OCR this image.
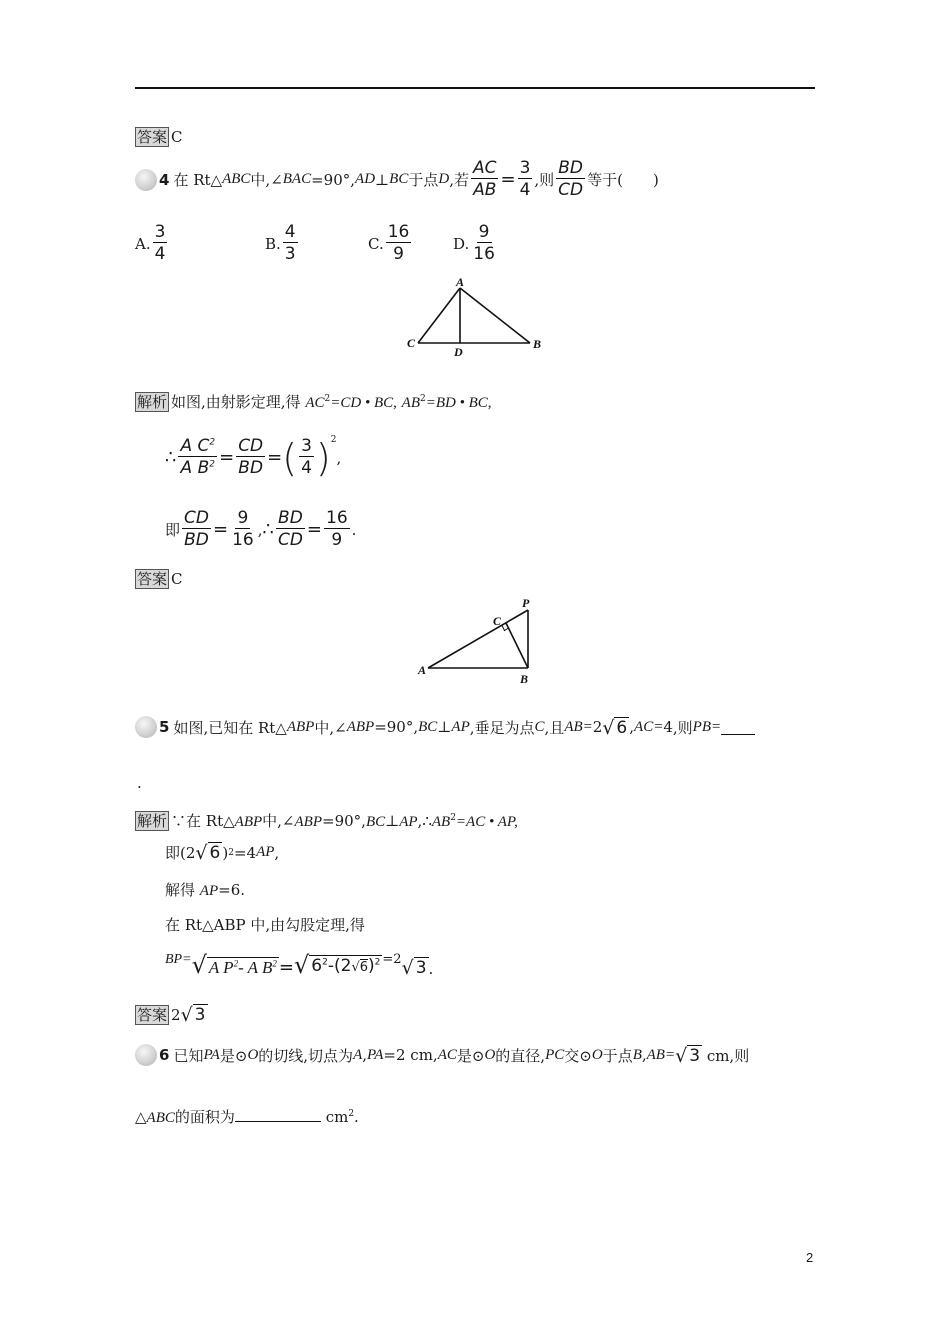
答案 C
4 在 Rt△ ABC 中,∠ BAC =90°, AD ⊥ BC 于点 D ,若 $\frac{AC}{AB} = \frac{3}{4}$ ,则 $\frac{BD}{CD}$ 等于(　　)
A. $\frac{3}{4}$	B. $\frac{4}{3}$	C. $\frac{16}{9}$	D. $\frac{9}{16}$
A
B
C
D
解析 如图,由射影定理,得 $AC^2=CD$ • BC, $AB^2=BD$ • BC,
∴ $\frac{A C^2}{A B^2} = \frac{CD}{BD}$ = ( $\frac{3}{4}$ ) 2
,
即 $\frac{CD}{BD} = \frac{9}{16}$ , ∴ $\frac{BD}{CD} = \frac{16}{9}$ .
答案 C
A
B
C
P
5 如图,已知在 Rt△ ABP 中,∠ ABP =90°, BC ⊥ AP ,垂足为点 C ,且 AB= 2 √ 6 , AC= 4 ,则 PB=
.
解析 ∵在 Rt△ABP中$,\angle ABP=90^\circ,BC\perp AP,\therefore AB^2=AC$ • AP,
即(2 √ 6 ) 2 =4 AP ,
解得 AP=6.
在 Rt△ABP 中,由勾股定理,得
BP= √ A $P^2-$ A $B^2$ = √ $6^2-(2√6)^2 =2$ √ 3 .
答案 2 √ 3
6 已知 PA 是⊙ O 的切线,切点为 A , PA =2 cm, AC 是⊙ O 的直径, PC 交⊙ O 于点 B , AB= √ 3
cm,则
△ABC的面积为	$cm^2$.
2
